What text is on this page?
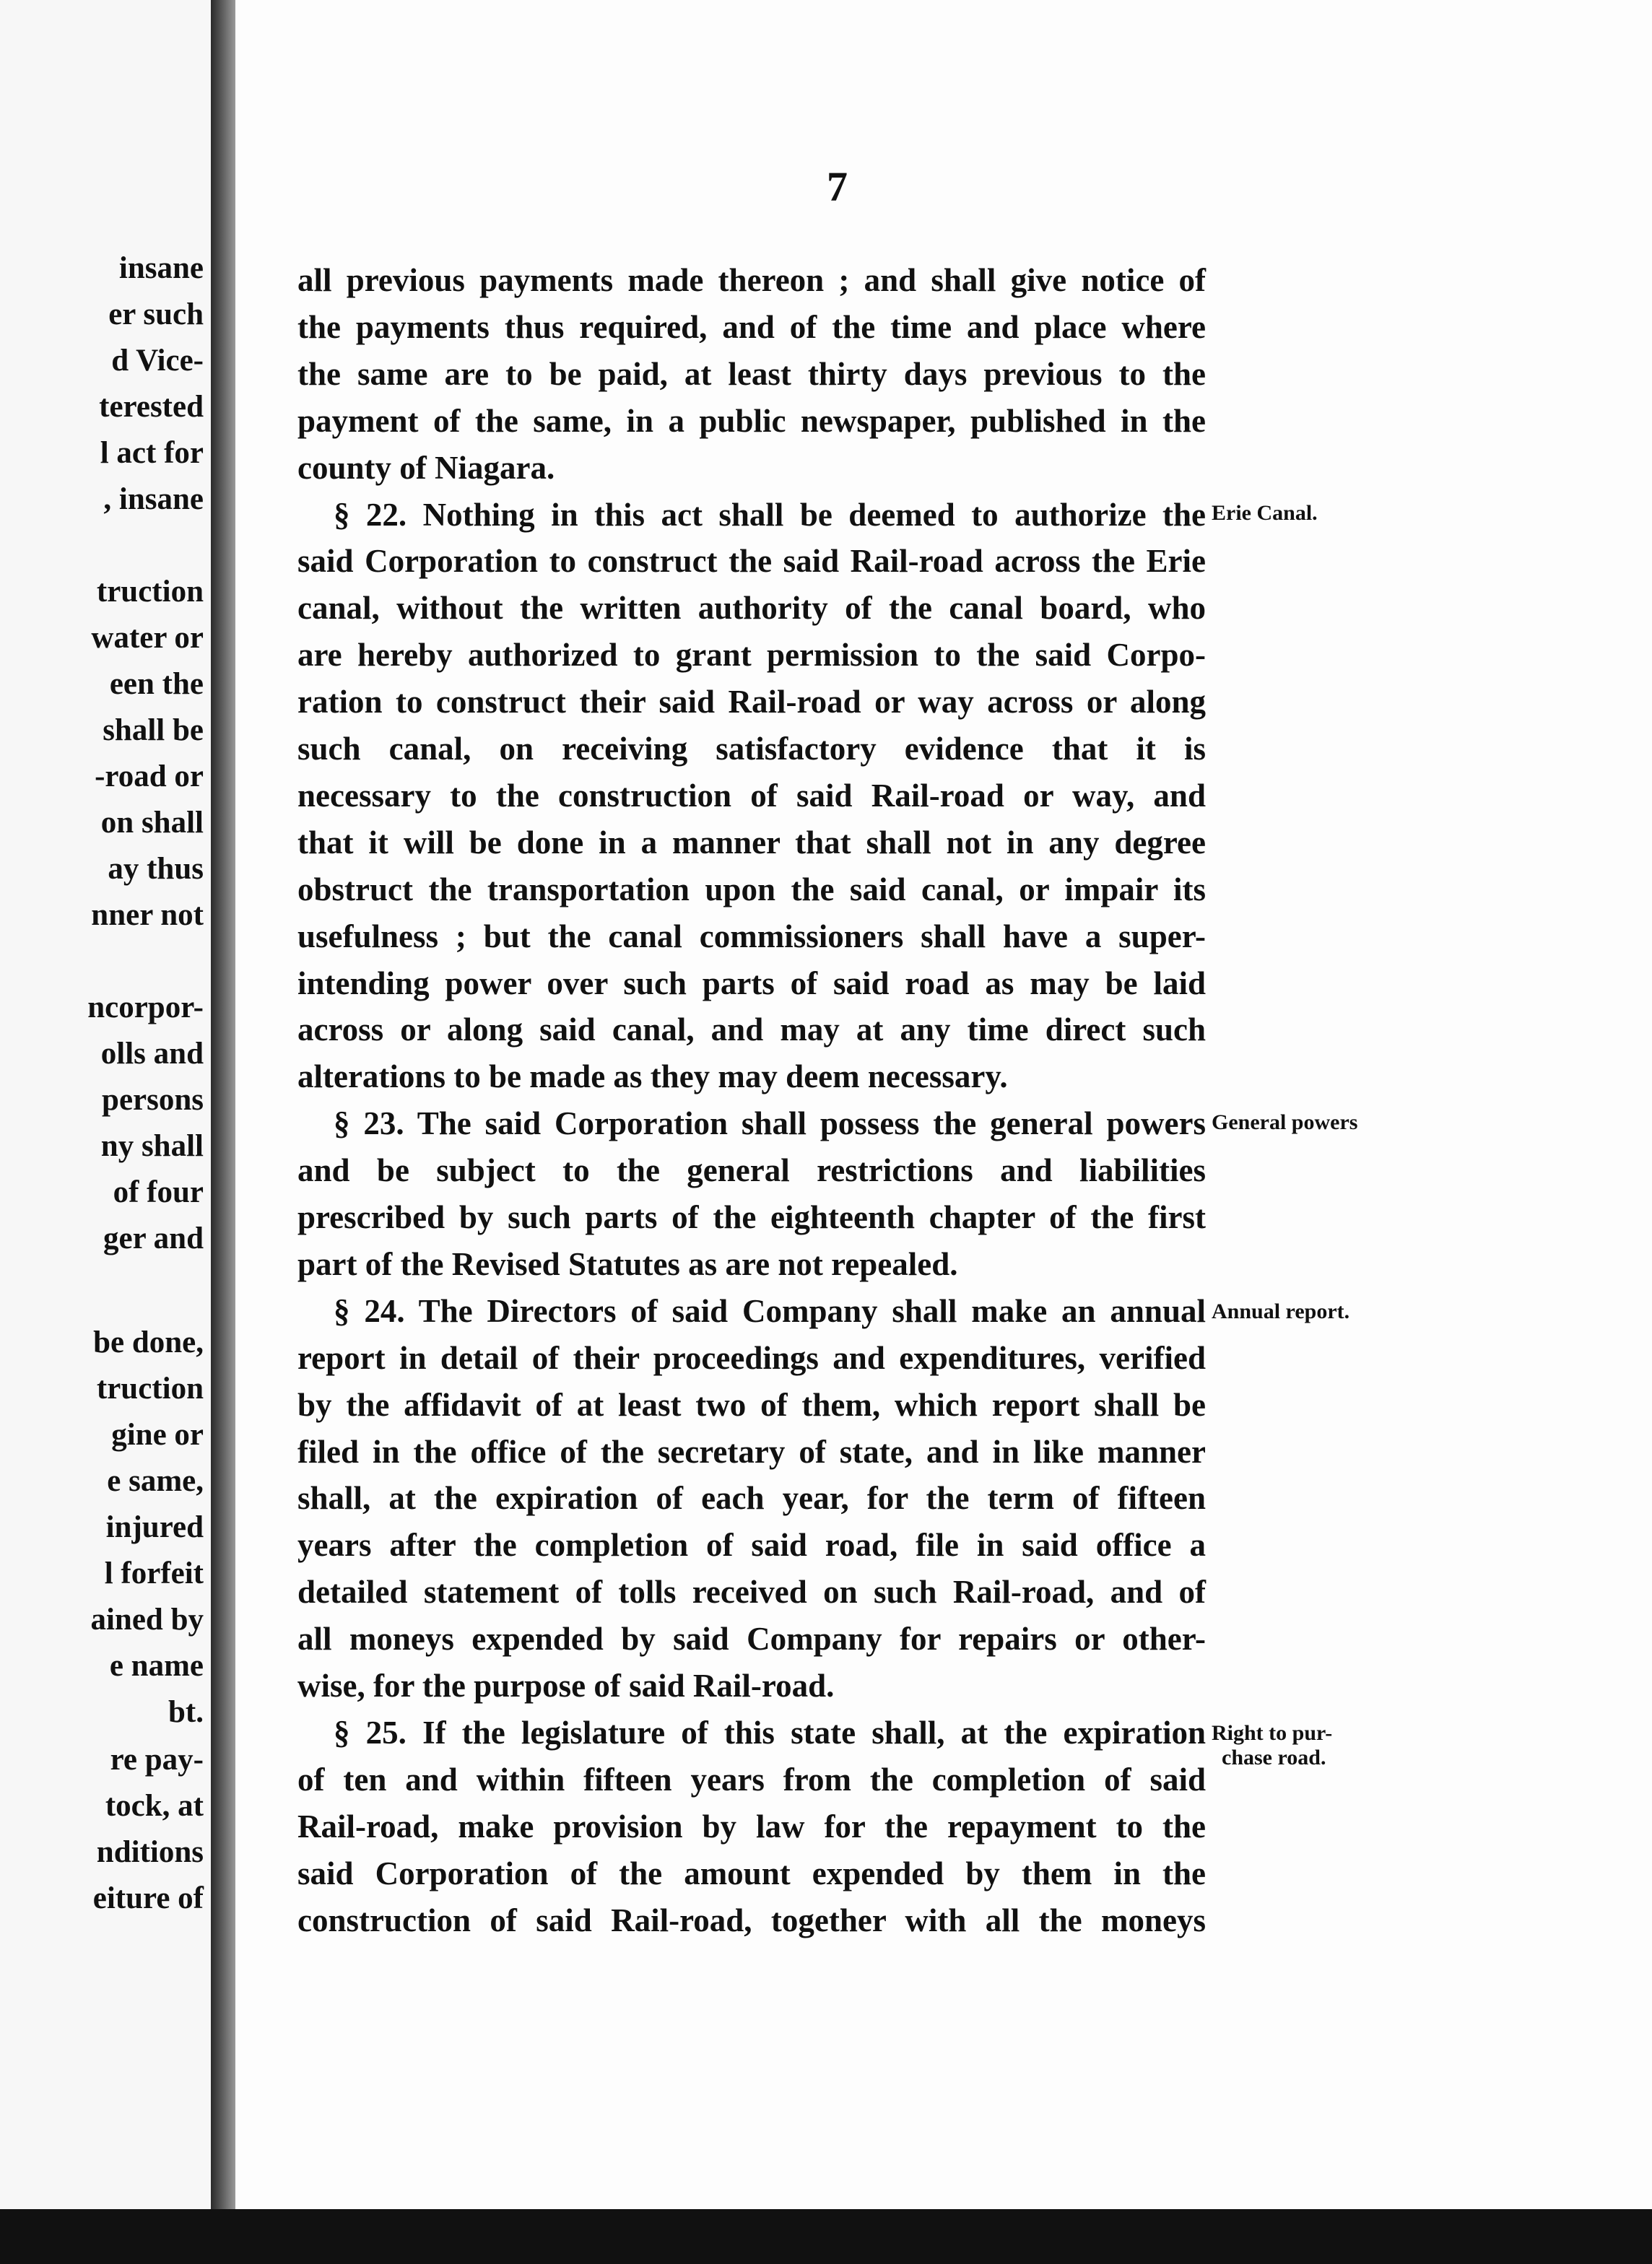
insane
er such
d Vice-
terested
l act for
, insane
truction
water or
een the
shall be
-road or
on shall
ay thus
nner not
ncorpor-
olls and
persons
ny shall
of four
ger and
be done,
truction
gine or
e same,
injured
l forfeit
ained by
e name
bt.
re pay-
tock, at
nditions
eiture of
7
all previous payments made thereon ; and shall give notice of
the payments thus required, and of the time and place where
the same are to be paid, at least thirty days previous to the
payment of the same, in a public newspaper, published in the
county of Niagara.
§ 22. Nothing in this act shall be deemed to authorize the
said Corporation to construct the said Rail-road across the Erie
canal, without the written authority of the canal board, who
are hereby authorized to grant permission to the said Corpo-
ration to construct their said Rail-road or way across or along
such canal, on receiving satisfactory evidence that it is
necessary to the construction of said Rail-road or way, and
that it will be done in a manner that shall not in any degree
obstruct the transportation upon the said canal, or impair its
usefulness ; but the canal commissioners shall have a super-
intending power over such parts of said road as may be laid
across or along said canal, and may at any time direct such
alterations to be made as they may deem necessary.
§ 23. The said Corporation shall possess the general powers
and be subject to the general restrictions and liabilities
prescribed by such parts of the eighteenth chapter of the first
part of the Revised Statutes as are not repealed.
§ 24. The Directors of said Company shall make an annual
report in detail of their proceedings and expenditures, verified
by the affidavit of at least two of them, which report shall be
filed in the office of the secretary of state, and in like manner
shall, at the expiration of each year, for the term of fifteen
years after the completion of said road, file in said office a
detailed statement of tolls received on such Rail-road, and of
all moneys expended by said Company for repairs or other-
wise, for the purpose of said Rail-road.
§ 25. If the legislature of this state shall, at the expiration
of ten and within fifteen years from the completion of said
Rail-road, make provision by law for the repayment to the
said Corporation of the amount expended by them in the
construction of said Rail-road, together with all the moneys
Erie Canal.
General powers
Annual report.
Right to pur-
chase road.
